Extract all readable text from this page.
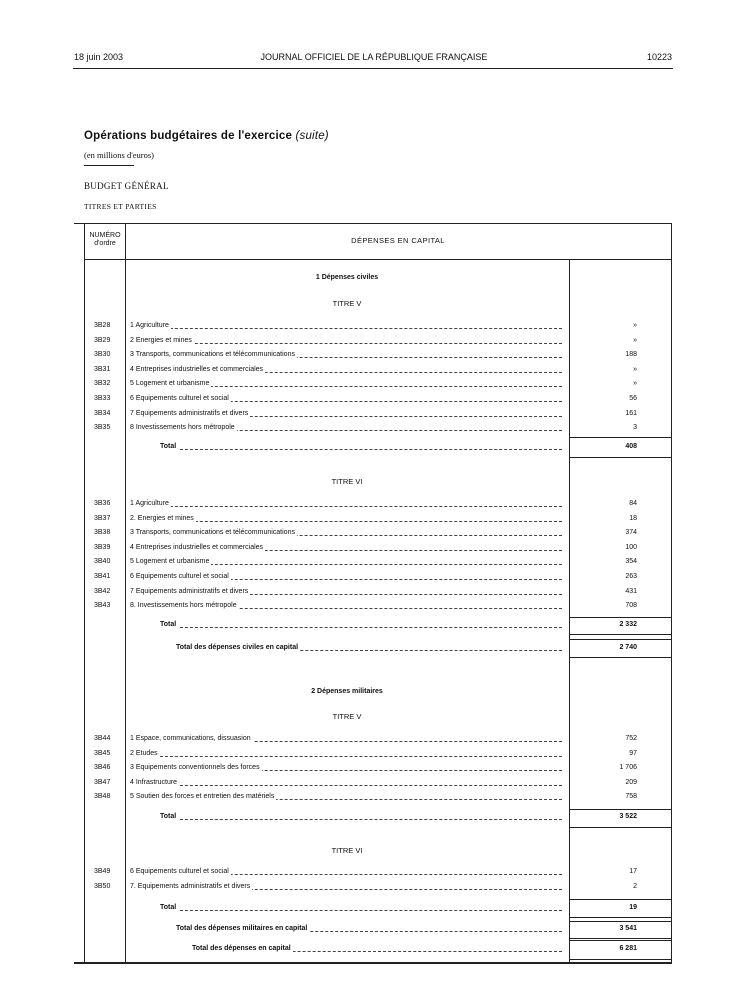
18 juin 2003	JOURNAL OFFICIEL DE LA RÉPUBLIQUE FRANÇAISE	10223
Opérations budgétaires de l'exercice (suite)
(en millions d'euros)
BUDGET GÉNÉRAL
TITRES ET PARTIES
NUMÉRO
d'ordre	DÉPENSES EN CAPITAL
1 Dépenses civiles
TITRE V
3B28	1 Agriculture	»
3B29	2 Energies et mines	»
3B30	3 Transports, communications et télécommunications	188
3B31	4 Entreprises industrielles et commerciales	»
3B32	5 Logement et urbanisme	»
3B33	6 Equipements culturel et social	56
3B34	7 Equipements administratifs et divers	161
3B35	8 Investissements hors métropole	3
Total	408
TITRE VI
3B36	1 Agriculture	84
3B37	2. Energies et mines	18
3B38	3 Transports, communications et télécommunications	374
3B39	4 Entreprises industrielles et commerciales	100
3B40	5 Logement et urbanisme	354
3B41	6 Equipements culturel et social	263
3B42	7 Equipements administratifs et divers	431
3B43	8. Investissements hors métropole	708
Total	2 332
Total des dépenses civiles en capital	2 740
2 Dépenses militaires
TITRE V
3B44	1 Espace, communications, dissuasion	752
3B45	2 Etudes	97
3B46	3 Equipements conventionnels des forces	1 706
3B47	4 Infrastructure	209
3B48	5 Soutien des forces et entretien des matériels	758
Total	3 522
TITRE VI
3B49	6 Equipements culturel et social	17
3B50	7. Equipements administratifs et divers	2
Total	19
Total des dépenses militaires en capital	3 541
Total des dépenses en capital	6 281
